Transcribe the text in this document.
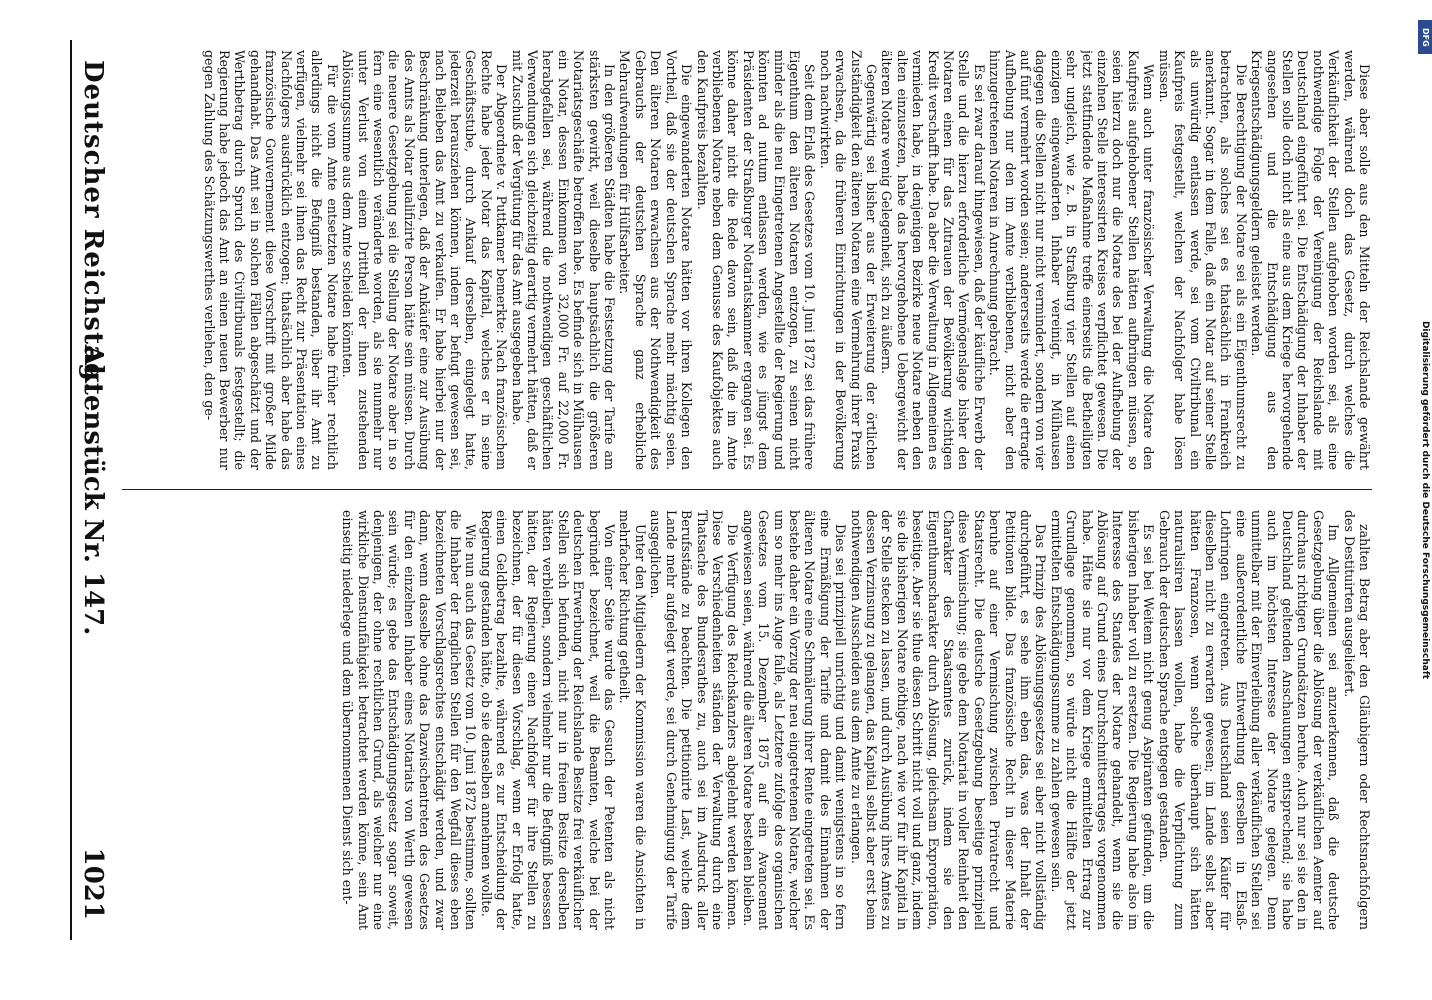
Deutscher Reichstag.
Aktenstück Nr. 147.
1021

Diese aber solle aus den Mitteln der Reichslande gewährt werden, während doch das Gesetz, durch welches die Verkäuflichkeit der Stellen aufgehoben worden sei, als eine nothwendige Folge der Vereinigung der Reichslande mit Deutschland eingeführt sei. Die Entschädigung der Inhaber der Stellen solle doch nicht als eine aus dem Kriege hervorgehende angesehen und die Entschädigung aus den Kriegsentschädigungsgeldern geleistet werden.

Die Berechtigung der Notare sei als ein Eigenthumsrecht zu betrachten, als solches sei es thatsächlich in Frankreich anerkannt. Sogar in dem Falle, daß ein Notar auf seiner Stelle als unwürdig entlassen werde, sei vom Civiltribunal ein Kaufpreis festgestellt, welchen der Nachfolger habe lösen müssen.

Wenn auch unter französischer Verwaltung die Notare den Kaufpreis aufgehobener Stellen hätten aufbringen müssen, so seien hierzu doch nur die Notare des bei der Aufhebung der einzelnen Stelle interessirten Kreises verpflichtet gewesen. Die jetzt stattfindende Maßnahme treffe einerseits die Betheiligten sehr ungleich, wie z. B. in Straßburg vier Stellen auf einen einzigen eingewanderten Inhaber vereinigt, in Mülhausen dagegen die Stellen nicht nur nicht vermindert, sondern von vier auf fünf vermehrt worden seien; andererseits werde die ertragte Aufhebung nur den im Amte verbliebenen, nicht aber den hinzugetretenen Notaren in Anrechnung gebracht.

Es sei zwar darauf hingewiesen, daß der käufliche Erwerb der Stelle und die hierzu erforderliche Vermögenslage bisher den Notaren einen für das Zutrauen der Bevölkerung wichtigen Kredit verschafft habe. Da aber die Verwaltung in Allgemeinen es vermieden habe, in denjenigen Bezirke neue Notare neben den alten einzusetzen, habe das hervorgehobene Uebergewicht der älteren Notare wenig Gelegenheit, sich zu äußern.

Gegenwärtig sei bisher aus der Erweiterung der örtlichen Zuständigkeit den älteren Notaren eine Vermehrung ihrer Praxis erwachsen, da die früheren Einrichtungen in der Bevölkerung noch nachwirkten.

Seit dem Erlaß des Gesetzes vom 10. Juni 1872 sei das frühere Eigenthum den älteren Notaren entzogen, zu seinen nicht minder als die neu Eingetretenen Angestellte der Regierung und könnten ad nutum entlassen werden, wie es jüngst dem Präsidenten der Straßburger Notariatskammer ergangen sei. Es könne daher nicht die Rede davon sein, daß die im Amte verbliebenen Notare neben dem Genusse des Kaufobjektes auch den Kaufpreis bezahlten.

Die eingewanderten Notare hätten vor ihren Kollegen den Vortheil, daß sie der deutschen Sprache mehr mächtig seien. Den älteren Notaren erwachsen aus der Nothwendigkeit des Gebrauchs der deutschen Sprache ganz erhebliche Mehraufwendungen für Hülfsarbeiter.

In den größeren Städten habe die Festsetzung der Tarife am stärksten gewirkt, weil dieselbe hauptsächlich die größeren Notariatsgeschäfte betroffen habe. Es befinde sich in Mülhausen ein Notar, dessen Einkommen von 32,000 Fr. auf 22,000 Fr. herabgefallen sei, während die nothwendigen geschäftlichen Verwendungen sich gleichzeitig derartig vermehrt hätten, daß er mit Zuschuß der Vergütung für das Amt ausgegeben habe.

Der Abgeordnete v. Puttkamer bemerkte: Nach französischem Rechte habe jeder Notar das Kapital, welches er in seine Geschäftsstube, durch Ankauf derselben, eingelegt hatte, jederzeit herausziehen können, indem er befugt gewesen sei, nach Belieben das Amt zu verkaufen. Er habe hierbei nur der Beschränkung unterlegen, daß der Ankäufer eine zur Ausübung des Amts als Notar qualifizirte Person hätte sein müssen. Durch die neuere Gesetzgebung sei die Stellung der Notare aber in so fern eine wesentlich veränderte worden, als sie nunmehr nur unter Verlust von einem Drittheil der ihnen zustehenden Ablösungssumme aus dem Amte scheiden könnten.

Für die vom Amte entsetzten Notare habe früher rechtlich allerdings nicht die Befugniß bestanden, über ihr Amt zu verfügen, vielmehr sei ihnen das Recht zur Präsentation eines Nachfolgers ausdrücklich entzogen; thatsächlich aber habe das französische Gouvernement diese Vorschrift mit großer Milde gehandhabt. Das Amt sei in solchen Fällen abgeschätzt und der Werthbetrag durch Spruch des Civiltribunals festgestellt; die Regierung habe jedoch das Amt an einen neuen Bewerber nur gegen Zahlung des Schätzungswerthes verliehen, den ge-

zahlten Betrag aber den Gläubigern oder Rechtsnachfolgern des Destituirten ausgeliefert.

Im Allgemeinen sei anzuerkennen, daß die deutsche Gesetzgebung über die Ablösung der verkäuflichen Aemter auf durchaus richtigen Grundsätzen beruhe. Auch nur sei sie den in Deutschland geltenden Anschauungen entsprechend; sie habe auch im höchsten Interesse der Notare gelegen. Denn unmittelbar mit der Einverleibung aller verkäuflichen Stellen sei eine außerordentliche Entwerthung derselben in Elsaß-Lothringen eingetreten. Aus Deutschland seien Käufer für dieselben nicht zu erwarten gewesen; im Lande selbst aber hätten Franzosen, wenn solche überhaupt sich hätten naturalisiren lassen wollen, habe die Verpflichtung zum Gebrauch der deutschen Sprache entgegen gestanden.

Es sei bei Weitem nicht genug Aspiranten gefunden, um die bisherigen Inhaber voll zu ersetzen. Die Regierung habe also im Interesse des Standes der Notare gehandelt, wenn sie die Ablösung auf Grund eines Durchschnittsertrages vorgenommen habe. Hätte sie nur vor dem Kriege ermittelten Ertrag zur Grundlage genommen, so würde nicht die Hälfte der jetzt ermittelten Entschädigungssumme zu zahlen gewesen sein.

Das Prinzip des Ablösungsgesetzes sei aber nicht vollständig durchgeführt, es sehe ihm eben das, was der Inhalt der Petitionen bilde. Das französische Recht in dieser Materie beruhe auf einer Vermischung zwischen Privatrecht und Staatsrecht. Die deutsche Gesetzgebung beseitige prinzipiell diese Vermischung; sie gebe dem Notariat in voller Reinheit den Charakter des Staatsamtes zurück, indem sie den Eigenthumscharakter durch Ablösung, gleichsam Expropriation, beseitige. Aber sie thue diesen Schritt nicht voll und ganz, indem sie die bisherigen Notare nöthige, nach wie vor für ihr Kapital in der Stelle stecken zu lassen, und durch Ausübung ihres Amtes zu dessen Verzinsung zu gelangen, das Kapital selbst aber erst beim nothwendigen Ausscheiden aus dem Amte zu erlangen.

Dies sei prinzipiell unrichtig und damit wenigstens in so fern eine Ermäßigung der Tarife und damit des Einnahmen der älteren Notare eine Schmälerung ihrer Rente eingetreten sei. Es bestehe daher ein Vorzug der neu eingetretenen Notare, welcher um so mehr ins Auge falle, als Letztere zufolge des organischen Gesetzes vom 15. Dezember 1875 auf ein Avancement angewiesen seien, während die älteren Notare bestehen bleiben.

Die Verfügung des Reichskanzlers abgelehnt werden können. Diese Verschiedenheiten ständen der Verwaltung durch eine Thatsache des Bundesrathes zu, auch sei im Ausdruck aller Berufsstände zu beachten. Die petitionirte Last, welche dem Lande mehr aufgelegt werde, sei durch Genehmigung der Tarife ausgeglichen.

Unter den Mitgliedern der Kommission waren die Ansichten in mehrfacher Richtung getheilt.

Von einer Seite wurde das Gesuch der Petenten als nicht begründet bezeichnet, weil die Beamten, welche bei der deutschen Erwerbung der Reichslande Besitze frei verkäuflicher Stellen sich befunden, nicht nur in freiem Besitze derselben hätten verbleiben, sondern vielmehr nur die Befugniß besessen hätten, der Regierung einen Nachfolger für ihre Stellen zu bezeichnen, der für diesen Vorschlag, wenn er Erfolg hatte, einen Geldbetrag bezahlte, während es zur Entscheidung der Regierung gestanden hätte, ob sie denselben annehmen wollte.

Wie nun auch das Gesetz vom 10. Juni 1872 bestimme, sollten die Inhaber der fraglichen Stellen für den Wegfall dieses eben bezeichneten Vorschlagsrechtes entschädigt werden, und zwar dann, wenn dasselbe ohne das Dazwischentreten des Gesetzes für den einzelnen Inhaber eines Notariats von Werth gewesen sein würde; es gebe das Entschädigungsgesetz sogar soweit, denjenigen, der ohne rechtlichen Grund, als welcher nur eine wirkliche Dienstunfähigkeit betrachtet werden könne, sein Amt einseitig niederlege und dem übernommenen Dienst sich ent-

DFG
Digitalisierung gefördert durch die Deutsche Forschungsgemeinschaft
